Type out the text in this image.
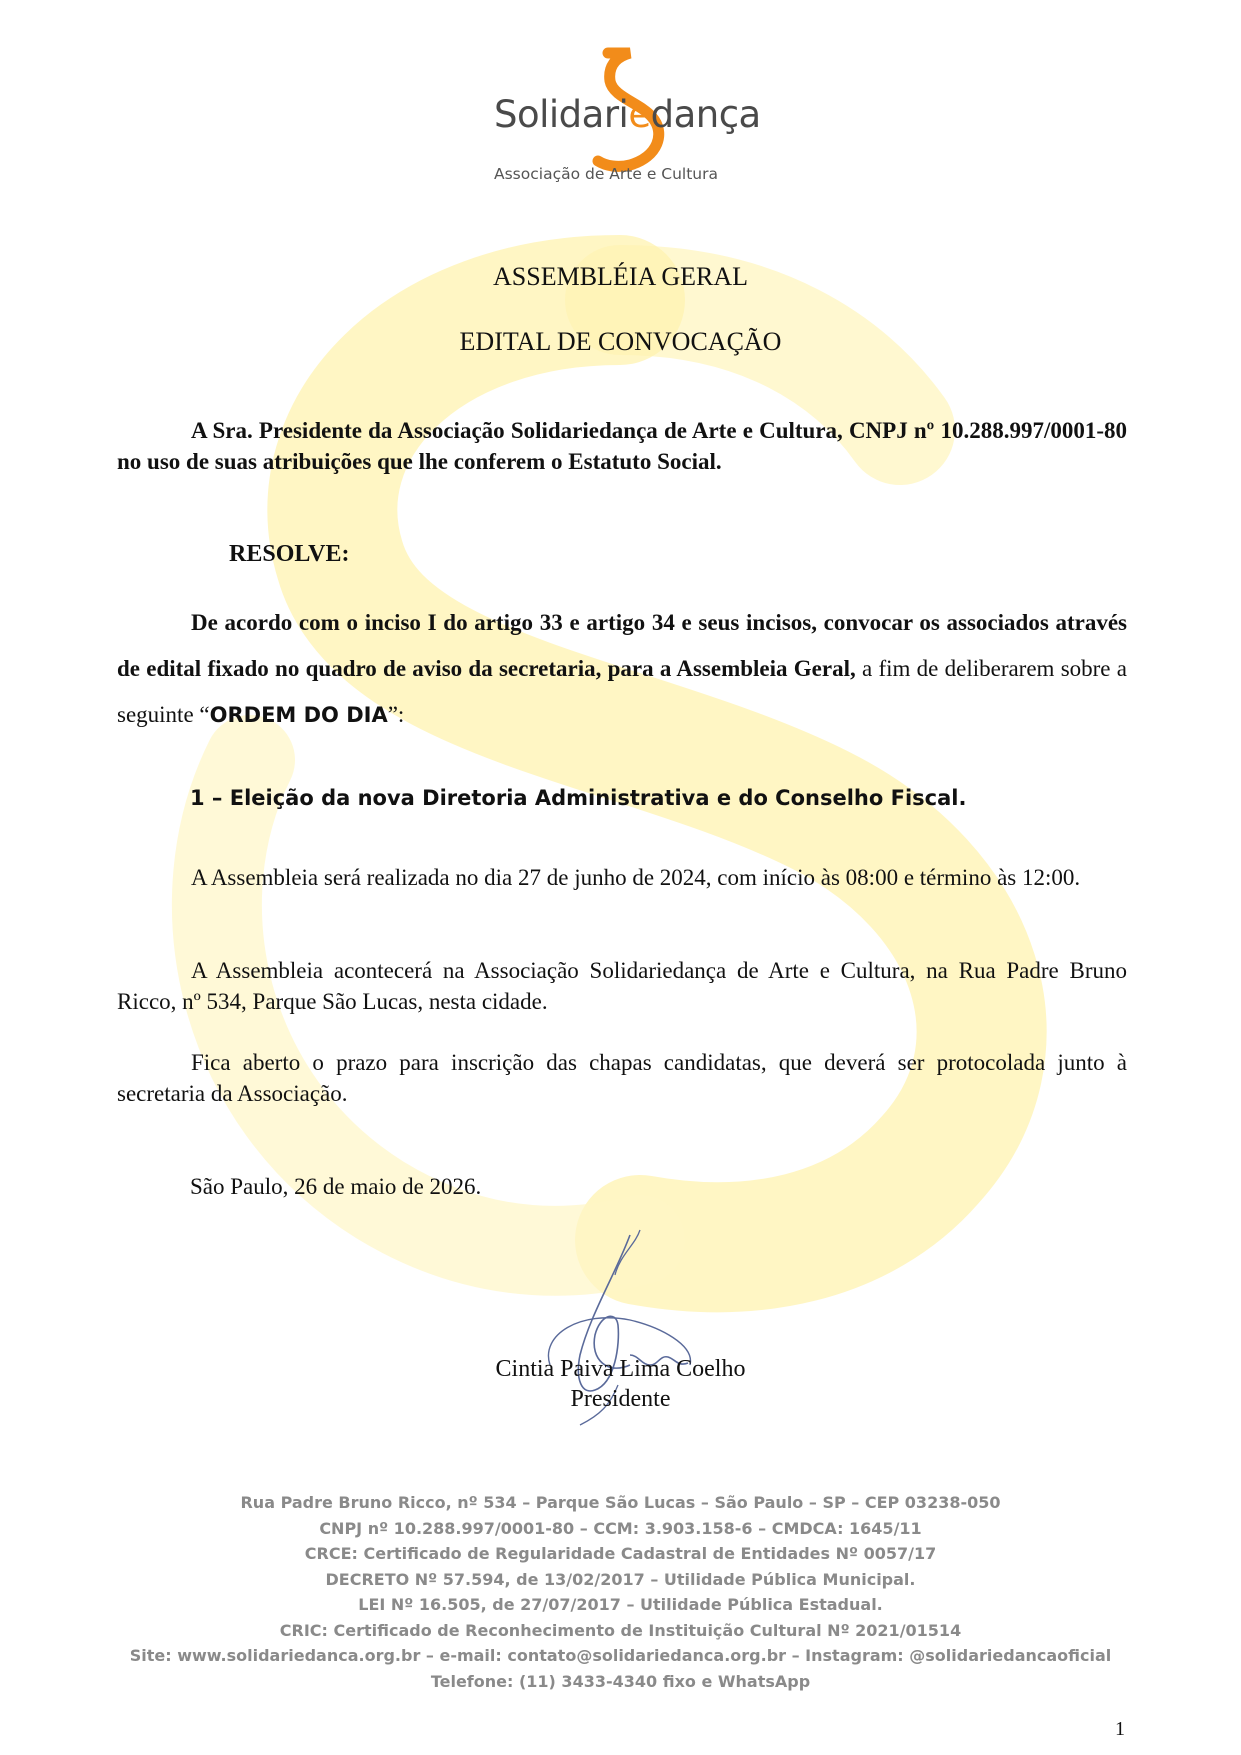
Solidariedança
Associação de Arte e Cultura
ASSEMBLÉIA GERAL
EDITAL DE CONVOCAÇÃO
A Sra. Presidente da Associação Solidariedança de Arte e Cultura, CNPJ nº 10.288.997/0001-80 no uso de suas atribuições que lhe conferem o Estatuto Social.
RESOLVE:
De acordo com o inciso I do artigo 33 e artigo 34 e seus incisos, convocar os associados através de edital fixado no quadro de aviso da secretaria, para a Assembleia Geral, a fim de deliberarem sobre a seguinte “ORDEM DO DIA”:
1 – Eleição da nova Diretoria Administrativa e do Conselho Fiscal.
A Assembleia será realizada no dia 27 de junho de 2024, com início às 08:00 e término às 12:00.
A Assembleia acontecerá na Associação Solidariedança de Arte e Cultura, na Rua Padre Bruno Ricco, nº 534, Parque São Lucas, nesta cidade.
Fica aberto o prazo para inscrição das chapas candidatas, que deverá ser protocolada junto à secretaria da Associação.
São Paulo, 26 de maio de 2026.
Cintia Paiva Lima Coelho
Presidente
Rua Padre Bruno Ricco, nº 534 – Parque São Lucas – São Paulo – SP – CEP 03238-050
CNPJ nº 10.288.997/0001-80 – CCM: 3.903.158-6 – CMDCA: 1645/11
CRCE: Certificado de Regularidade Cadastral de Entidades Nº 0057/17
DECRETO Nº 57.594, de 13/02/2017 – Utilidade Pública Municipal.
LEI Nº 16.505, de 27/07/2017 – Utilidade Pública Estadual.
CRIC: Certificado de Reconhecimento de Instituição Cultural Nº 2021/01514
Site: www.solidariedanca.org.br – e-mail: contato@solidariedanca.org.br – Instagram: @solidariedancaoficial
Telefone: (11) 3433-4340 fixo e WhatsApp
1
